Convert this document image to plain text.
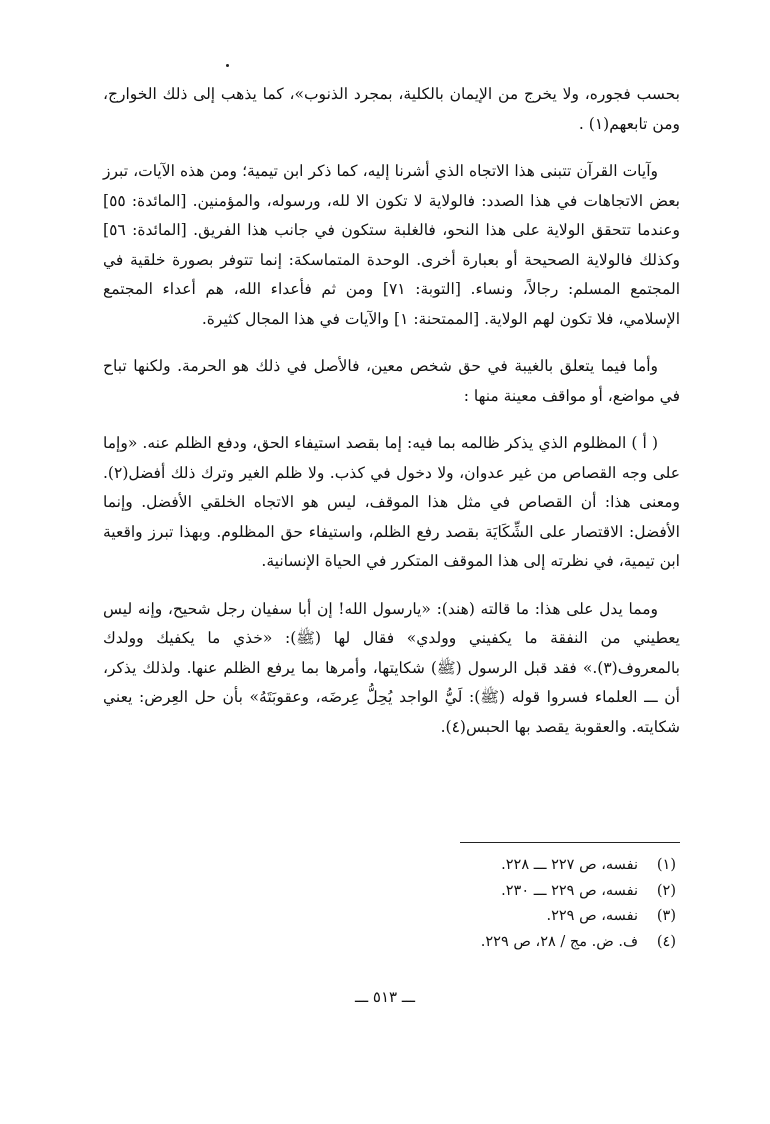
بحسب فجوره، ولا يخرج من الإيمان بالكلية، بمجرد الذنوب»، كما يذهب إلى ذلك الخوارج، ومن تابعهم‏(١) .

وآيات القرآن تتبنى هذا الاتجاه الذي أشرنا إليه، كما ذكر ابن تيمية؛ ومن هذه الآيات، تبرز بعض الاتجاهات في هذا الصدد: فالولاية لا تكون الا لله، ورسوله، والمؤمنين. [المائدة: ٥٥] وعندما تتحقق الولاية على هذا النحو، فالغلبة ستكون في جانب هذا الفريق. [المائدة: ٥٦] وكذلك فالولاية الصحيحة أو بعبارة أخرى. الوحدة المتماسكة: إنما تتوفر بصورة خلقية في المجتمع المسلم: رجالاً، ونساء. [التوبة: ٧١] ومن ثم فأعداء الله، هم أعداء المجتمع الإسلامي، فلا تكون لهم الولاية. [الممتحنة: ١] والآيات في هذا المجال كثيرة.

وأما فيما يتعلق بالغيبة في حق شخص معين، فالأصل في ذلك هو الحرمة. ولكنها تباح في مواضع، أو مواقف معينة منها :

( أ ) المظلوم الذي يذكر ظالمه بما فيه: إما بقصد استيفاء الحق، ودفع الظلم عنه. «وإما على وجه القصاص من غير عدوان، ولا دخول في كذب. ولا ظلم الغير وترك ذلك أفضل‏(٢). ومعنى هذا: أن القصاص في مثل هذا الموقف، ليس هو الاتجاه الخلقي الأفضل. وإنما الأفضل: الاقتصار على الشِّكَايَة بقصد رفع الظلم، واستيفاء حق المظلوم. وبهذا تبرز واقعية ابن تيمية، في نظرته إلى هذا الموقف المتكرر في الحياة الإنسانية.

ومما يدل على هذا: ما قالته (هند): «يارسول الله! إن أبا سفيان رجل شحيح، وإنه ليس يعطيني من النفقة ما يكفيني وولدي» فقال لها (ﷺ): «خذي ما يكفيك وولدك بالمعروف‏(٣).» فقد قبل الرسول (ﷺ) شكايتها، وأمرها بما يرفع الظلم عنها. ولذلك يذكر، أن ـــ العلماء فسروا قوله (ﷺ): لَيُّ الواجد يُحِلُّ عِرضَه، وعقوبَتَهُ» بأن حل العِرض: يعني شكايته. والعقوبة يقصد بها الحبس‏(٤).

(١)
نفسه، ص ٢٢٧ ـــ ٢٢٨.
(٢)
نفسه، ص ٢٢٩ ـــ ٢٣٠.
(٣)
نفسه، ص ٢٢٩.
(٤)
ف. ض. مج / ٢٨، ص ٢٢٩.
ـــ ٥١٣ ـــ
